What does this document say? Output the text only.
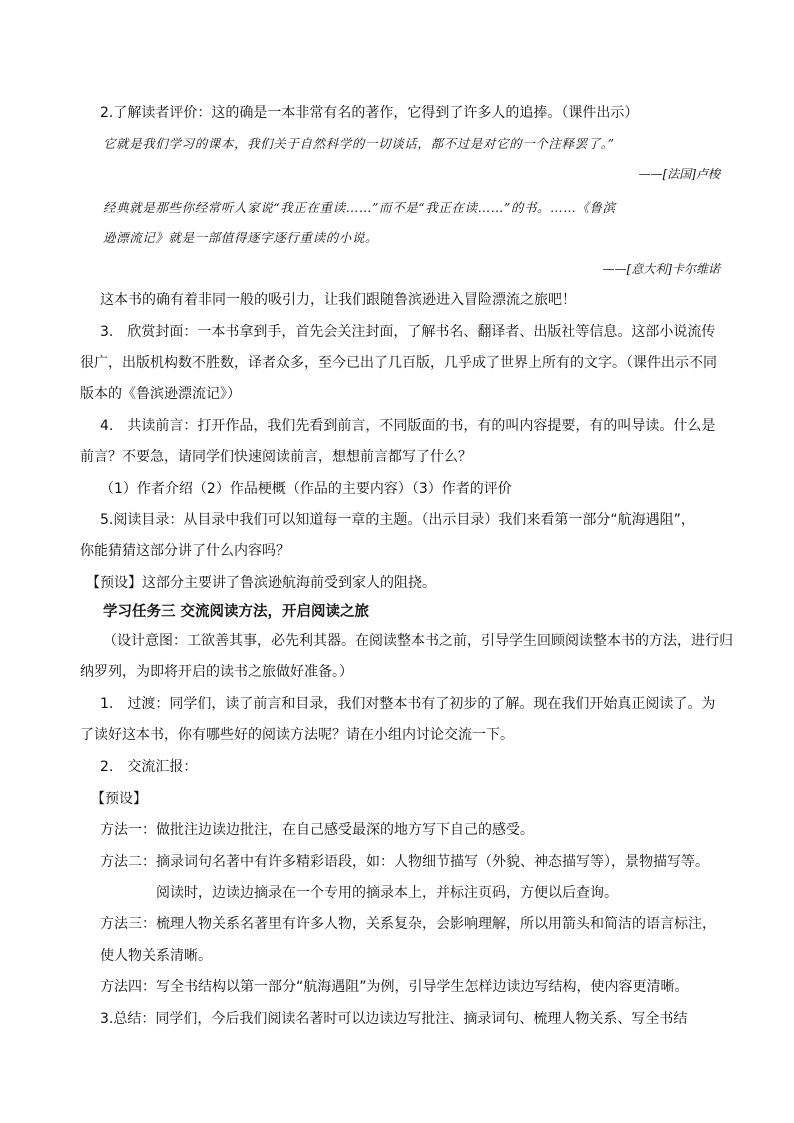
2.了解读者评价：这的确是一本非常有名的著作，它得到了许多人的追捧。（课件出示）
它就是我们学习的课本，我们关于自然科学的一切谈话，都不过是对它的一个注释罢了。”
——[法国]卢梭
经典就是那些你经常听人家说“我正在重读……”而不是“我正在读……”的书。……《鲁滨
逊漂流记》就是一部值得逐字逐行重读的小说。
——[意大利]卡尔维诺
这本书的确有着非同一般的吸引力，让我们跟随鲁滨逊进入冒险漂流之旅吧！
3.　欣赏封面：一本书拿到手，首先会关注封面，了解书名、翻译者、出版社等信息。这部小说流传
很广，出版机构数不胜数，译者众多，至今已出了几百版，几乎成了世界上所有的文字。（课件出示不同
版本的《鲁滨逊漂流记》）
4.　共读前言：打开作品，我们先看到前言，不同版面的书，有的叫内容提要，有的叫导读。什么是
前言？不要急，请同学们快速阅读前言，想想前言都写了什么？
（1）作者介绍（2）作品梗概（作品的主要内容）（3）作者的评价
5.阅读目录：从目录中我们可以知道每一章的主题。（出示目录）我们来看第一部分“航海遇阻”，
你能猜猜这部分讲了什么内容吗？
【预设】这部分主要讲了鲁滨逊航海前受到家人的阻挠。
学习任务三 交流阅读方法，开启阅读之旅
（设计意图：工欲善其事，必先利其器。在阅读整本书之前，引导学生回顾阅读整本书的方法，进行归
纳罗列，为即将开启的读书之旅做好准备。）
1.　过渡：同学们，读了前言和目录，我们对整本书有了初步的了解。现在我们开始真正阅读了。为
了读好这本书，你有哪些好的阅读方法呢？请在小组内讨论交流一下。
2.　交流汇报：
【预设】
方法一：做批注边读边批注，在自己感受最深的地方写下自己的感受。
方法二：摘录词句名著中有许多精彩语段，如：人物细节描写（外貌、神态描写等），景物描写等。
阅读时，边读边摘录在一个专用的摘录本上，并标注页码，方便以后查询。
方法三：梳理人物关系名著里有许多人物，关系复杂，会影响理解，所以用箭头和简洁的语言标注，
使人物关系清晰。
方法四：写全书结构以第一部分“航海遇阻”为例，引导学生怎样边读边写结构，使内容更清晰。
3.总结：同学们，今后我们阅读名著时可以边读边写批注、摘录词句、梳理人物关系、写全书结
